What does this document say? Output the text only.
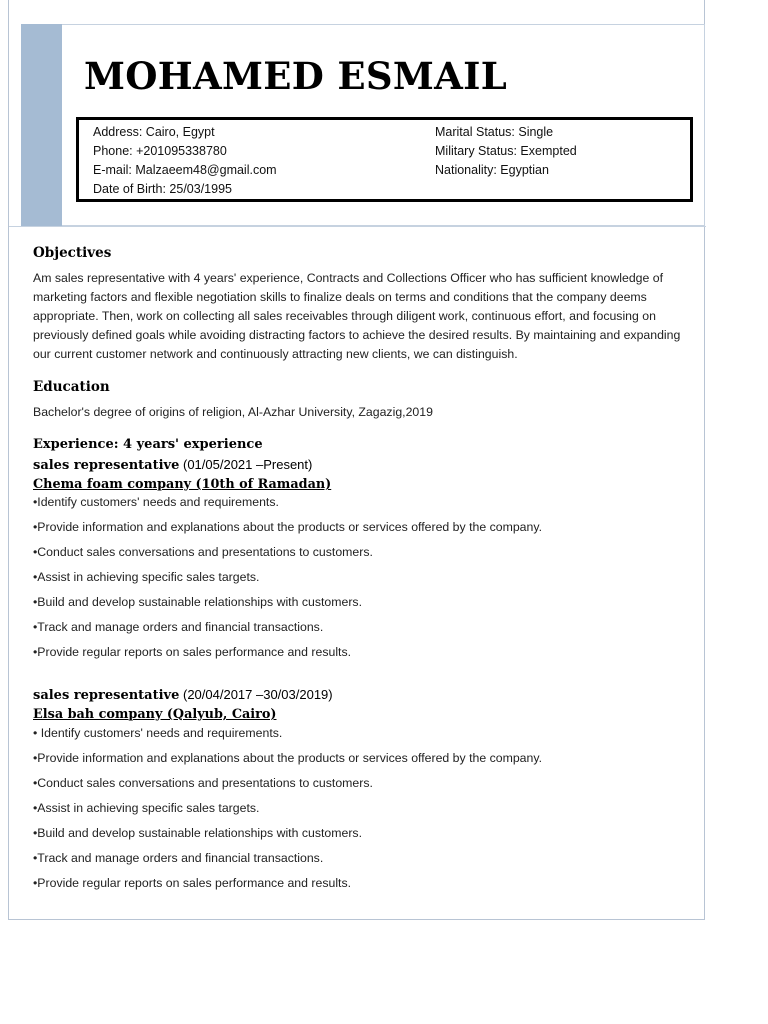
MOHAMED ESMAIL
Address: Cairo, Egypt
Phone: +201095338780
E-mail: Malzaeem48@gmail.com
Date of Birth: 25/03/1995
Marital Status: Single
Military Status: Exempted
Nationality: Egyptian
Objectives

Am sales representative with 4 years' experience, Contracts and Collections Officer who has sufficient knowledge of marketing factors and flexible negotiation skills to finalize deals on terms and conditions that the company deems appropriate. Then, work on collecting all sales receivables through diligent work, continuous effort, and focusing on previously defined goals while avoiding distracting factors to achieve the desired results. By maintaining and expanding our current customer network and continuously attracting new clients, we can distinguish.

Education

Bachelor's degree of origins of religion, Al-Azhar University, Zagazig,2019

Experience: 4 years' experience

sales representative (01/05/2021 –Present)

Chema foam company (10th of Ramadan)

•Identify customers' needs and requirements.
•Provide information and explanations about the products or services offered by the company.
•Conduct sales conversations and presentations to customers.
•Assist in achieving specific sales targets.
•Build and develop sustainable relationships with customers.
•Track and manage orders and financial transactions.
•Provide regular reports on sales performance and results.

sales representative (20/04/2017 –30/03/2019)

Elsa bah company (Qalyub, Cairo)

• Identify customers' needs and requirements.
•Provide information and explanations about the products or services offered by the company.
•Conduct sales conversations and presentations to customers.
•Assist in achieving specific sales targets.
•Build and develop sustainable relationships with customers.
•Track and manage orders and financial transactions.
•Provide regular reports on sales performance and results.
